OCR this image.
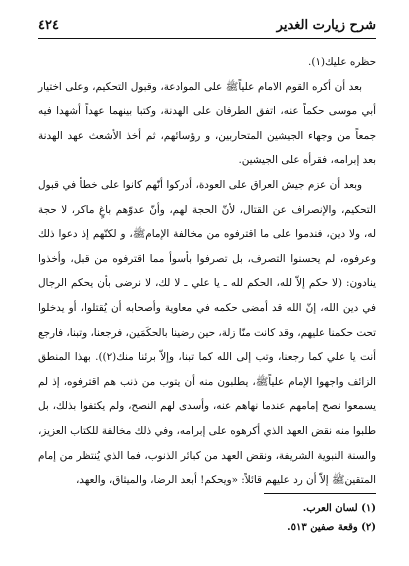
شرح زيارت الغدير
٤٢٤

حظره عليك(١).

بعد أن أكره القوم الامام علياًﷺ على الموادعة، وقبول التحكيم، وعلى اختيار أبي موسى حكماً عنه، اتفق الطرفان على الهدنة، وكتبا بينهما عهداً أشهدا فيه جمعاً من وجهاء الجيشين المتحاربين، و رؤسائهم، ثم أخذ الأشعث عهد الهدنة بعد إبرامه، فقرأه على الجيشين.

وبعد أن عزم جيش العراق على العودة، أدركوا أنّهم كانوا على خطأ في قبول التحكيم، والإنصراف عن القتال، لأنّ الحجة لهم، وأنّ عدوّهم باغٍ ماكر، لا حجة له، ولا دين، فندموا على ما اقترفوه من مخالفة الإمامﷺ، و لكنّهم إذ دعوا ذلك وعرفوه، لم يحسنوا التصرف، بل تصرفوا بأسوأ مما اقترفوه من قبل، وأخذوا ينادون: (لا حكم إلاّ لله، الحكم لله ـ يا علي ـ لا لك، لا نرضى بأن يحكم الرجال في دين الله، إنّ الله قد أمضى حكمه في معاوية وأصحابه أن يُقتلوا، أو يدخلوا تحت حكمنا عليهم، وقد كانت منّا زلة، حين رضينا بالحكَمَين، فرجعنا، وتبنا، فارجع أنت يا علي كما رجعنا، وتب إلى الله كما تبنا، وإلاّ برئنا منك(٢)). بهذا المنطق الزائف واجهوا الإمام علياًﷺ، يطلبون منه أن يتوب من ذنب هم اقترفوه، إذ لم يسمعوا نصح إمامهم عندما نهاهم عنه، وأسدى لهم النصح، ولم يكتفوا بذلك، بل طلبوا منه نقض العهد الذي أكرهوه على إبرامه، وفي ذلك مخالفة للكتاب العزيز، والسنة النبوية الشريفة، ونقض العهد من كبائر الذنوب، فما الذي يُنتظر من إمام المتقينﷺ إلاّ أن رد عليهم قائلاً: «ويحكم! أبعد الرضا، والميثاق، والعهد،

(١) لسان العرب.
(٢) وقعة صفين ٥١٣.
